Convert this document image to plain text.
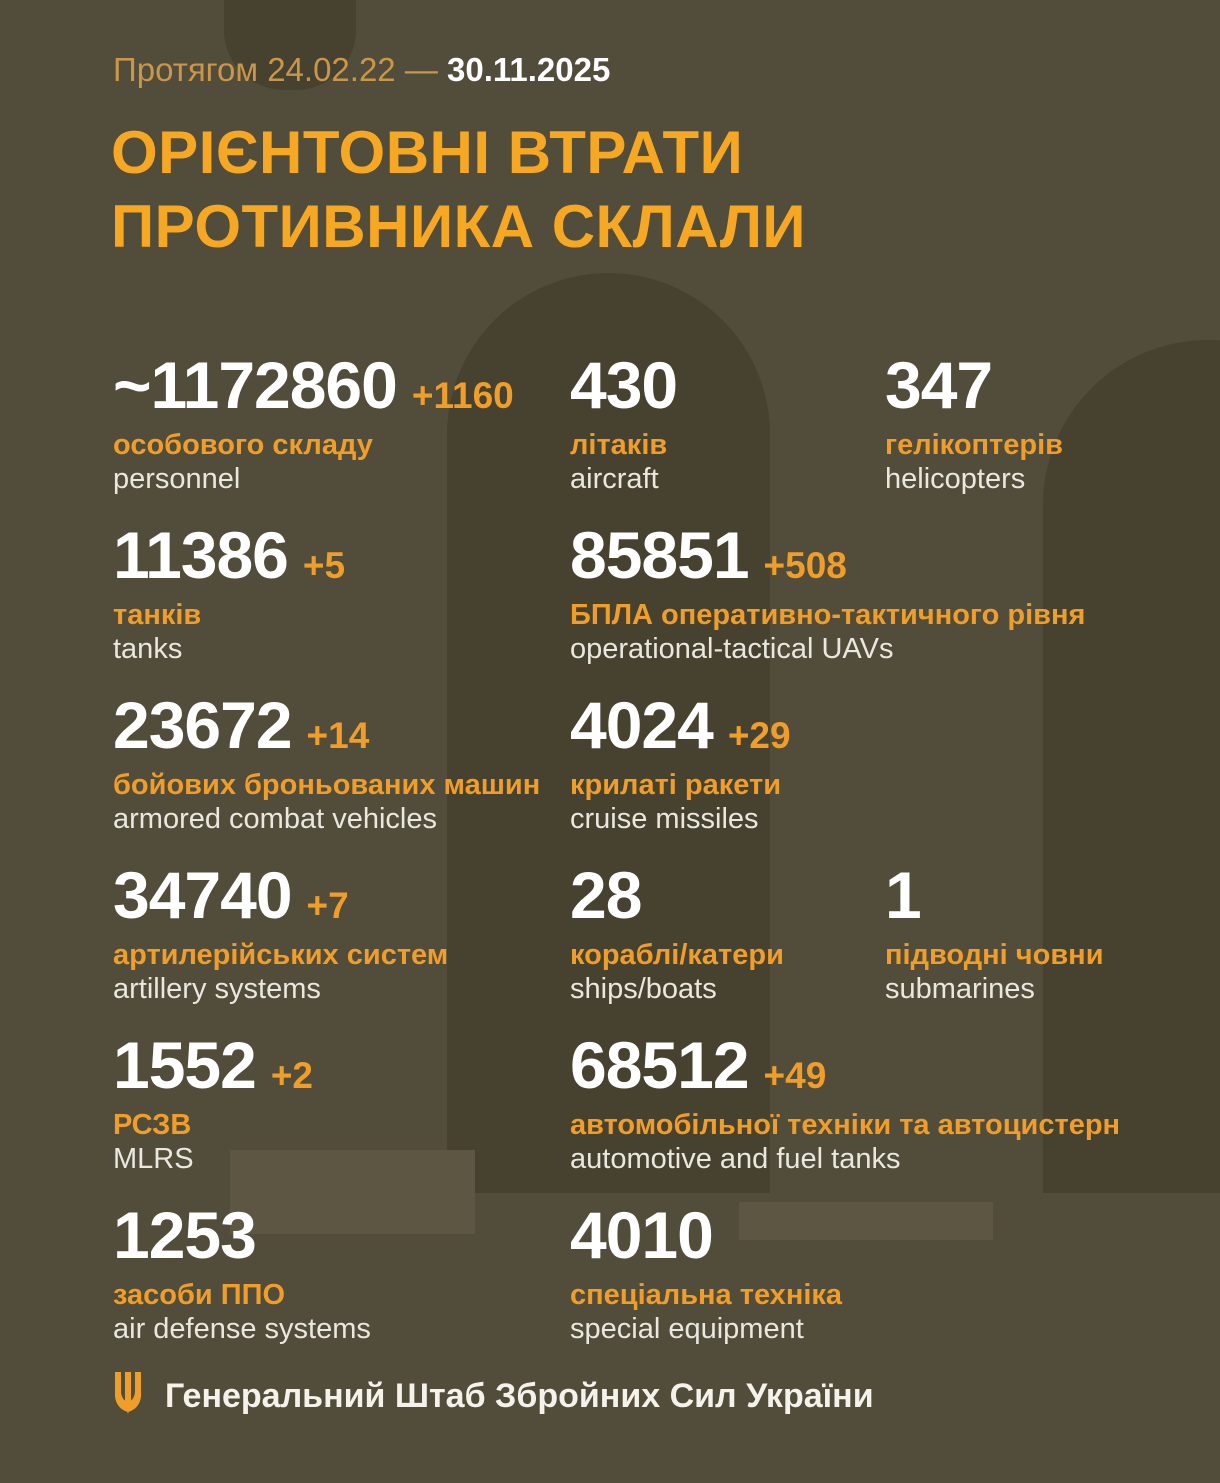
Протягом 24.02.22 — 30.11.2025
ОРІЄНТОВНІ ВТРАТИ
ПРОТИВНИКА СКЛАЛИ
~1172860 +1160
особового складу
personnel
430
літаків
aircraft
347
гелікоптерів
helicopters
11386 +5
танків
tanks
85851 +508
БПЛА оперативно-тактичного рівня
operational-tactical UAVs
23672 +14
бойових броньованих машин
armored combat vehicles
4024 +29
крилаті ракети
cruise missiles
34740 +7
артилерійських систем
artillery systems
28
кораблі/катери
ships/boats
1
підводні човни
submarines
1552 +2
РСЗВ
MLRS
68512 +49
автомобільної техніки та автоцистерн
automotive and fuel tanks
1253
засоби ППО
air defense systems
4010
спеціальна техніка
special equipment
Генеральний Штаб Збройних Сил України
